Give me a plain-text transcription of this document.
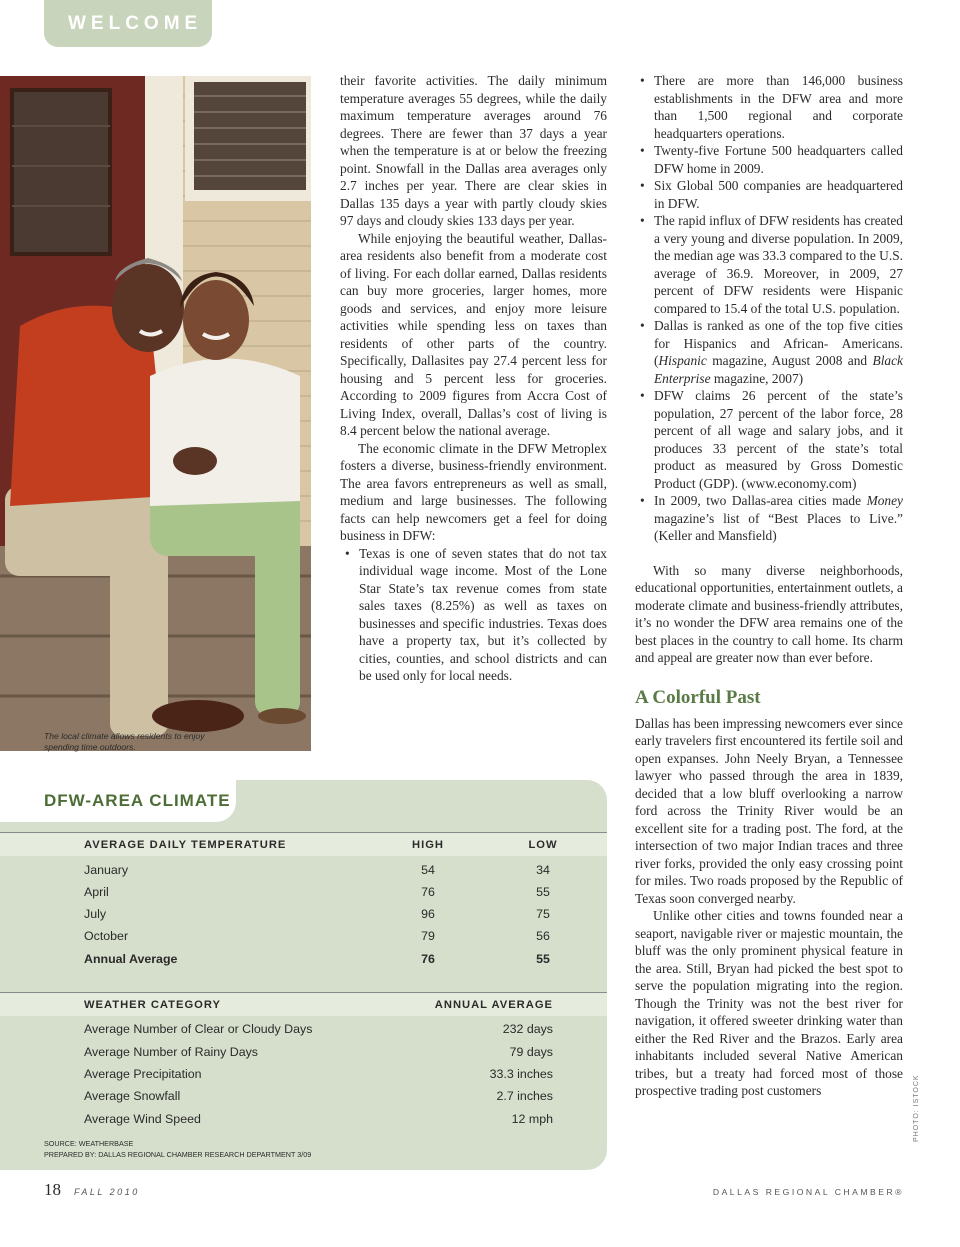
WELCOME
The local climate allows residents to enjoy spending time outdoors.

their favorite activities. The daily minimum temperature averages 55 degrees, while the daily maximum temperature averages around 76 degrees. There are fewer than 37 days a year when the temperature is at or below the freezing point. Snowfall in the Dallas area averages only 2.7 inches per year. There are clear skies in Dallas 135 days a year with partly cloudy skies 97 days and cloudy skies 133 days per year.

While enjoying the beautiful weather, Dallas-area residents also benefit from a moderate cost of living. For each dollar earned, Dallas residents can buy more groceries, larger homes, more goods and services, and enjoy more leisure activities while spending less on taxes than residents of other parts of the country. Specifically, Dallasites pay 27.4 percent less for housing and 5 percent less for groceries. According to 2009 figures from Accra Cost of Living Index, overall, Dallas’s cost of living is 8.4 percent below the national average.

The economic climate in the DFW Metroplex fosters a diverse, business-friendly environment. The area favors entrepreneurs as well as small, medium and large businesses. The following facts can help newcomers get a feel for doing business in DFW:

• Texas is one of seven states that do not tax individual wage income. Most of the Lone Star State’s tax revenue comes from state sales taxes (8.25%) as well as taxes on businesses and specific industries. Texas does have a property tax, but it’s collected by cities, counties, and school districts and can be used only for local needs.
• There are more than 146,000 business establishments in the DFW area and more than 1,500 regional and corporate headquarters operations.
• Twenty-five Fortune 500 headquarters called DFW home in 2009.
• Six Global 500 companies are headquartered in DFW.
• The rapid influx of DFW residents has created a very young and diverse population. In 2009, the median age was 33.3 compared to the U.S. average of 36.9. Moreover, in 2009, 27 percent of DFW residents were Hispanic compared to 15.4 of the total U.S. population.
• Dallas is ranked as one of the top five cities for Hispanics and African- Americans. (Hispanic magazine, August 2008 and Black Enterprise magazine, 2007)
• DFW claims 26 percent of the state’s population, 27 percent of the labor force, 28 percent of all wage and salary jobs, and it produces 33 percent of the state’s total product as measured by Gross Domestic Product (GDP). (www.economy.com)
• In 2009, two Dallas-area cities made Money magazine’s list of “Best Places to Live.” (Keller and Mansfield)

With so many diverse neighborhoods, educational opportunities, entertainment outlets, a moderate climate and business-friendly attributes, it’s no wonder the DFW area remains one of the best places in the country to call home. Its charm and appeal are greater now than ever before.

A Colorful Past

Dallas has been impressing newcomers ever since early travelers first encountered its fertile soil and open expanses. John Neely Bryan, a Tennessee lawyer who passed through the area in 1839, decided that a low bluff overlooking a narrow ford across the Trinity River would be an excellent site for a trading post. The ford, at the intersection of two major Indian traces and three river forks, provided the only easy crossing point for miles. Two roads proposed by the Republic of Texas soon converged nearby.

Unlike other cities and towns founded near a seaport, navigable river or majestic mountain, the bluff was the only prominent physical feature in the area. Still, Bryan had picked the best spot to serve the population migrating into the region. Though the Trinity was not the best river for navigation, it offered sweeter drinking water than either the Red River and the Brazos. Early area inhabitants included several Native American tribes, but a treaty had forced most of those prospective trading post customers

DFW-AREA CLIMATE
AVERAGE DAILY TEMPERATURE	HIGH	LOW
January	54	34
April	76	55
July	96	75
October	79	56
Annual Average	76	55
WEATHER CATEGORY	ANNUAL AVERAGE
Average Number of Clear or Cloudy Days	232 days
Average Number of Rainy Days	79 days
Average Precipitation	33.3 inches
Average Snowfall	2.7 inches
Average Wind Speed	12 mph
SOURCE: WEATHERBASE
PREPARED BY: DALLAS REGIONAL CHAMBER RESEARCH DEPARTMENT 3/09
18 FALL 2010	DALLAS REGIONAL CHAMBER®
PHOTO: ISTOCK
